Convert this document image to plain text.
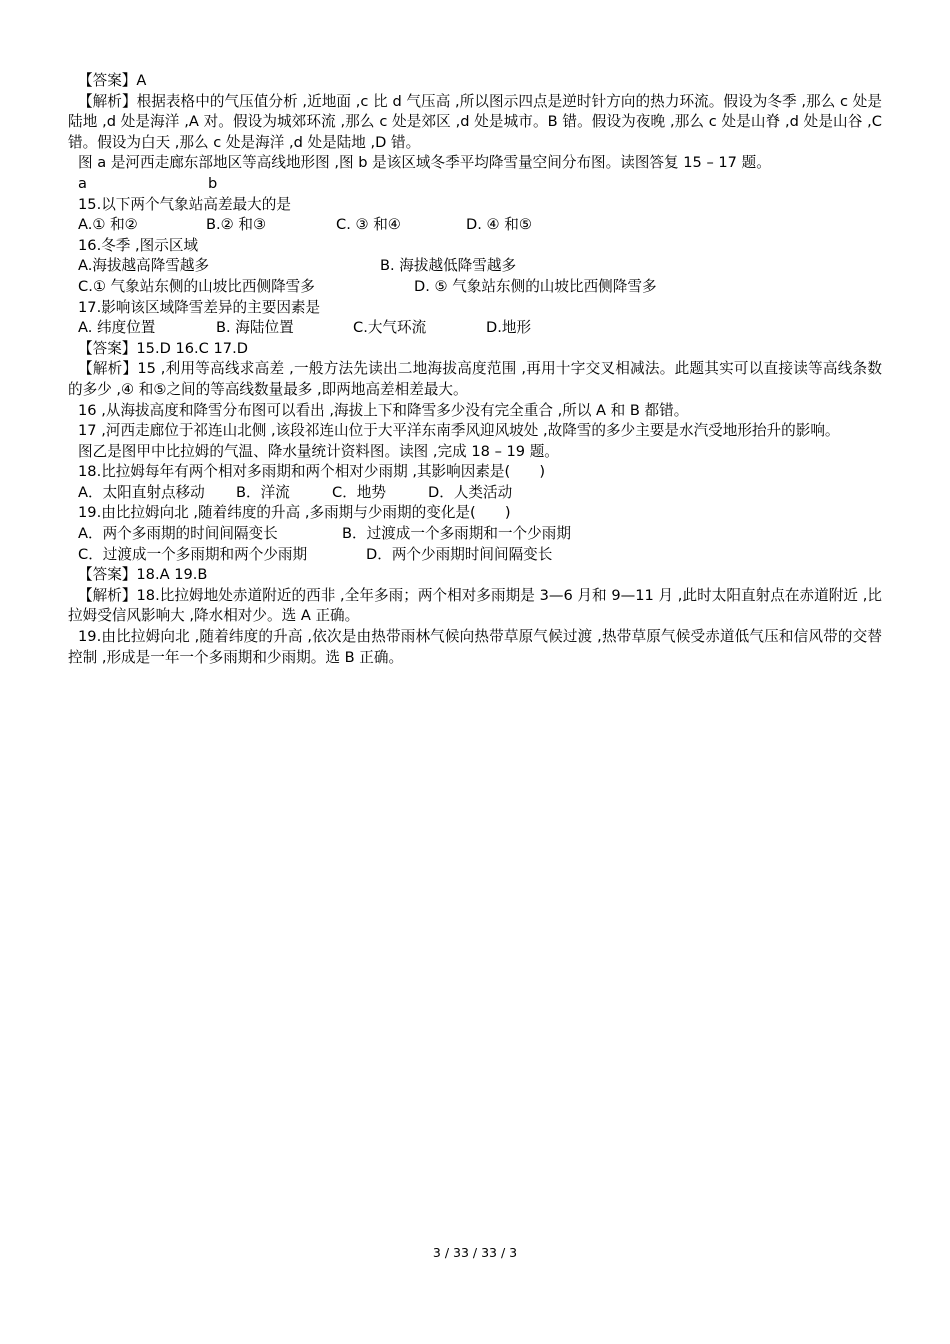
【答案】A

【解析】根据表格中的气压值分析 ,近地面 ,c 比 d 气压高 ,所以图示四点是逆时针方向的热力环流。假设为冬季 ,那么 c 处是陆地 ,d 处是海洋 ,A 对。假设为城郊环流 ,那么 c 处是郊区 ,d 处是城市。B 错。假设为夜晚 ,那么 c 处是山脊 ,d 处是山谷 ,C 错。假设为白天 ,那么 c 处是海洋 ,d 处是陆地 ,D 错。

图 a 是河西走廊东部地区等高线地形图 ,图 b 是该区域冬季平均降雪量空间分布图。读图答复 15 – 17 题。

a	b

15.以下两个气象站高差最大的是

A.① 和②	B.② 和③	C. ③ 和④	D. ④ 和⑤

16.冬季 ,图示区域

A.海拔越高降雪越多	B. 海拔越低降雪越多
C.① 气象站东侧的山坡比西侧降雪多	D. ⑤ 气象站东侧的山坡比西侧降雪多

17.影响该区域降雪差异的主要因素是

A. 纬度位置	B. 海陆位置	C.大气环流	D.地形

【答案】15.D 16.C 17.D

【解析】15 ,利用等高线求高差 ,一般方法先读出二地海拔高度范围 ,再用十字交叉相减法。此题其实可以直接读等高线条数的多少 ,④ 和⑤之间的等高线数量最多 ,即两地高差相差最大。

16 ,从海拔高度和降雪分布图可以看出 ,海拔上下和降雪多少没有完全重合 ,所以 A 和 B 都错。

17 ,河西走廊位于祁连山北侧 ,该段祁连山位于大平洋东南季风迎风坡处 ,故降雪的多少主要是水汽受地形抬升的影响。

图乙是图甲中比拉姆的气温、降水量统计资料图。读图 ,完成 18 – 19 题。

18.比拉姆每年有两个相对多雨期和两个相对少雨期 ,其影响因素是(　　)

A．太阳直射点移动	B．洋流	C．地势	D．人类活动

19.由比拉姆向北 ,随着纬度的升高 ,多雨期与少雨期的变化是(　　)

A．两个多雨期的时间间隔变长	B．过渡成一个多雨期和一个少雨期
C．过渡成一个多雨期和两个少雨期	D．两个少雨期时间间隔变长

【答案】18.A 19.B

【解析】18.比拉姆地处赤道附近的西非 ,全年多雨；两个相对多雨期是 3—6 月和 9—11 月 ,此时太阳直射点在赤道附近 ,比拉姆受信风影响大 ,降水相对少。选 A 正确。

19.由比拉姆向北 ,随着纬度的升高 ,依次是由热带雨林气候向热带草原气候过渡 ,热带草原气候受赤道低气压和信风带的交替控制 ,形成是一年一个多雨期和少雨期。选 B 正确。

3 / 33 / 33 / 3
